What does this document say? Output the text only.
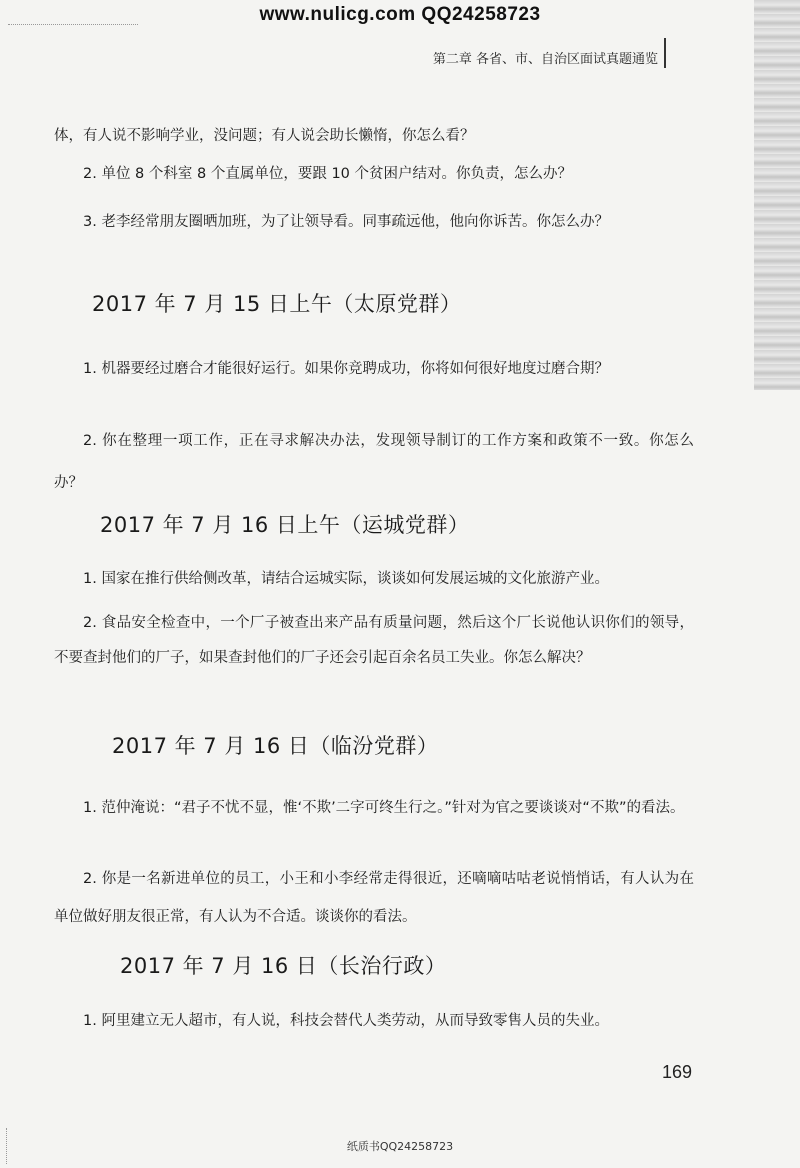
www.nulicg.com QQ24258723
第二章 各省、市、自治区面试真题通览
体，有人说不影响学业，没问题；有人说会助长懒惰，你怎么看？
2. 单位 8 个科室 8 个直属单位，要跟 10 个贫困户结对。你负责，怎么办？
3. 老李经常朋友圈晒加班，为了让领导看。同事疏远他，他向你诉苦。你怎么办？
2017 年 7 月 15 日上午（太原党群）
1. 机器要经过磨合才能很好运行。如果你竞聘成功，你将如何很好地度过磨合期？
2. 你在整理一项工作，正在寻求解决办法，发现领导制订的工作方案和政策不一致。你怎么办？
2017 年 7 月 16 日上午（运城党群）
1. 国家在推行供给侧改革，请结合运城实际，谈谈如何发展运城的文化旅游产业。
2. 食品安全检查中，一个厂子被查出来产品有质量问题，然后这个厂长说他认识你们的领导，不要查封他们的厂子，如果查封他们的厂子还会引起百余名员工失业。你怎么解决？
2017 年 7 月 16 日（临汾党群）
1. 范仲淹说：“君子不忧不显，惟‘不欺’二字可终生行之。”针对为官之要谈谈对“不欺”的看法。
2. 你是一名新进单位的员工，小王和小李经常走得很近，还嘀嘀咕咕老说悄悄话，有人认为在单位做好朋友很正常，有人认为不合适。谈谈你的看法。
2017 年 7 月 16 日（长治行政）
1. 阿里建立无人超市，有人说，科技会替代人类劳动，从而导致零售人员的失业。
169
纸质书QQ24258723
